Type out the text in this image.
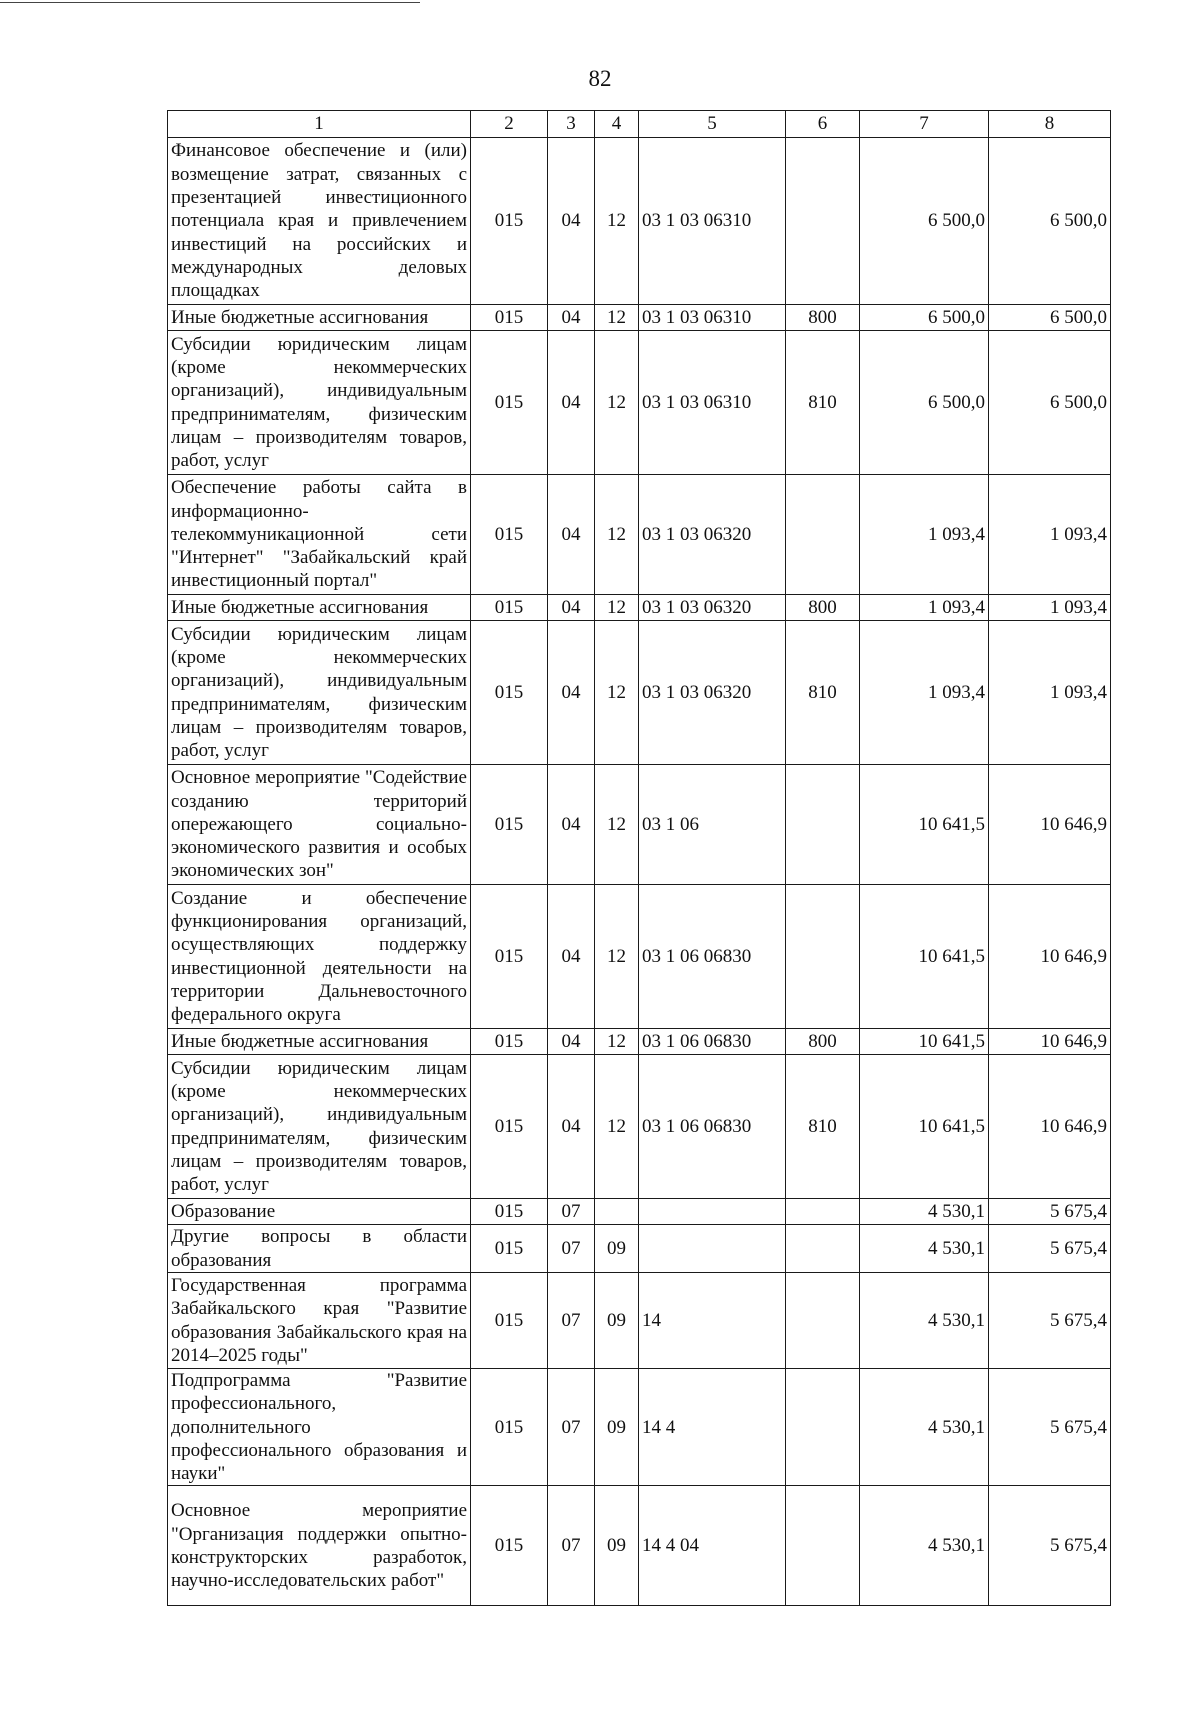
82
1	2	3	4	5	6	7	8
Финансовое обеспечение и (или) возмещение затрат, связанных с презентацией инвестиционного потенциала края и привлечением инвестиций на российских и международных деловых площадках	015	04	12	03 1 03 06310		6 500,0	6 500,0
Иные бюджетные ассигнования	015	04	12	03 1 03 06310	800	6 500,0	6 500,0
Субсидии юридическим лицам (кроме некоммерческих организаций), индивидуальным предпринимателям, физическим лицам – производителям товаров, работ, услуг	015	04	12	03 1 03 06310	810	6 500,0	6 500,0
Обеспечение работы сайта в информационно-телекоммуникационной сети "Интернет" "Забайкальский край инвестиционный портал"	015	04	12	03 1 03 06320		1 093,4	1 093,4
Иные бюджетные ассигнования	015	04	12	03 1 03 06320	800	1 093,4	1 093,4
Субсидии юридическим лицам (кроме некоммерческих организаций), индивидуальным предпринимателям, физическим лицам – производителям товаров, работ, услуг	015	04	12	03 1 03 06320	810	1 093,4	1 093,4
Основное мероприятие "Содействие созданию территорий опережающего социально-экономического развития и особых экономических зон"	015	04	12	03 1 06		10 641,5	10 646,9
Создание и обеспечение функционирования организаций, осуществляющих поддержку инвестиционной деятельности на территории Дальневосточного федерального округа	015	04	12	03 1 06 06830		10 641,5	10 646,9
Иные бюджетные ассигнования	015	04	12	03 1 06 06830	800	10 641,5	10 646,9
Субсидии юридическим лицам (кроме некоммерческих организаций), индивидуальным предпринимателям, физическим лицам – производителям товаров, работ, услуг	015	04	12	03 1 06 06830	810	10 641,5	10 646,9
Образование	015	07				4 530,1	5 675,4
Другие вопросы в области образования	015	07	09			4 530,1	5 675,4
Государственная программа Забайкальского края "Развитие образования Забайкальского края на 2014–2025 годы"	015	07	09	14		4 530,1	5 675,4
Подпрограмма "Развитие профессионального, дополнительного профессионального образования и науки"	015	07	09	14 4		4 530,1	5 675,4
Основное мероприятие "Организация поддержки опытно-конструкторских разработок, научно-исследовательских работ"	015	07	09	14 4 04		4 530,1	5 675,4
